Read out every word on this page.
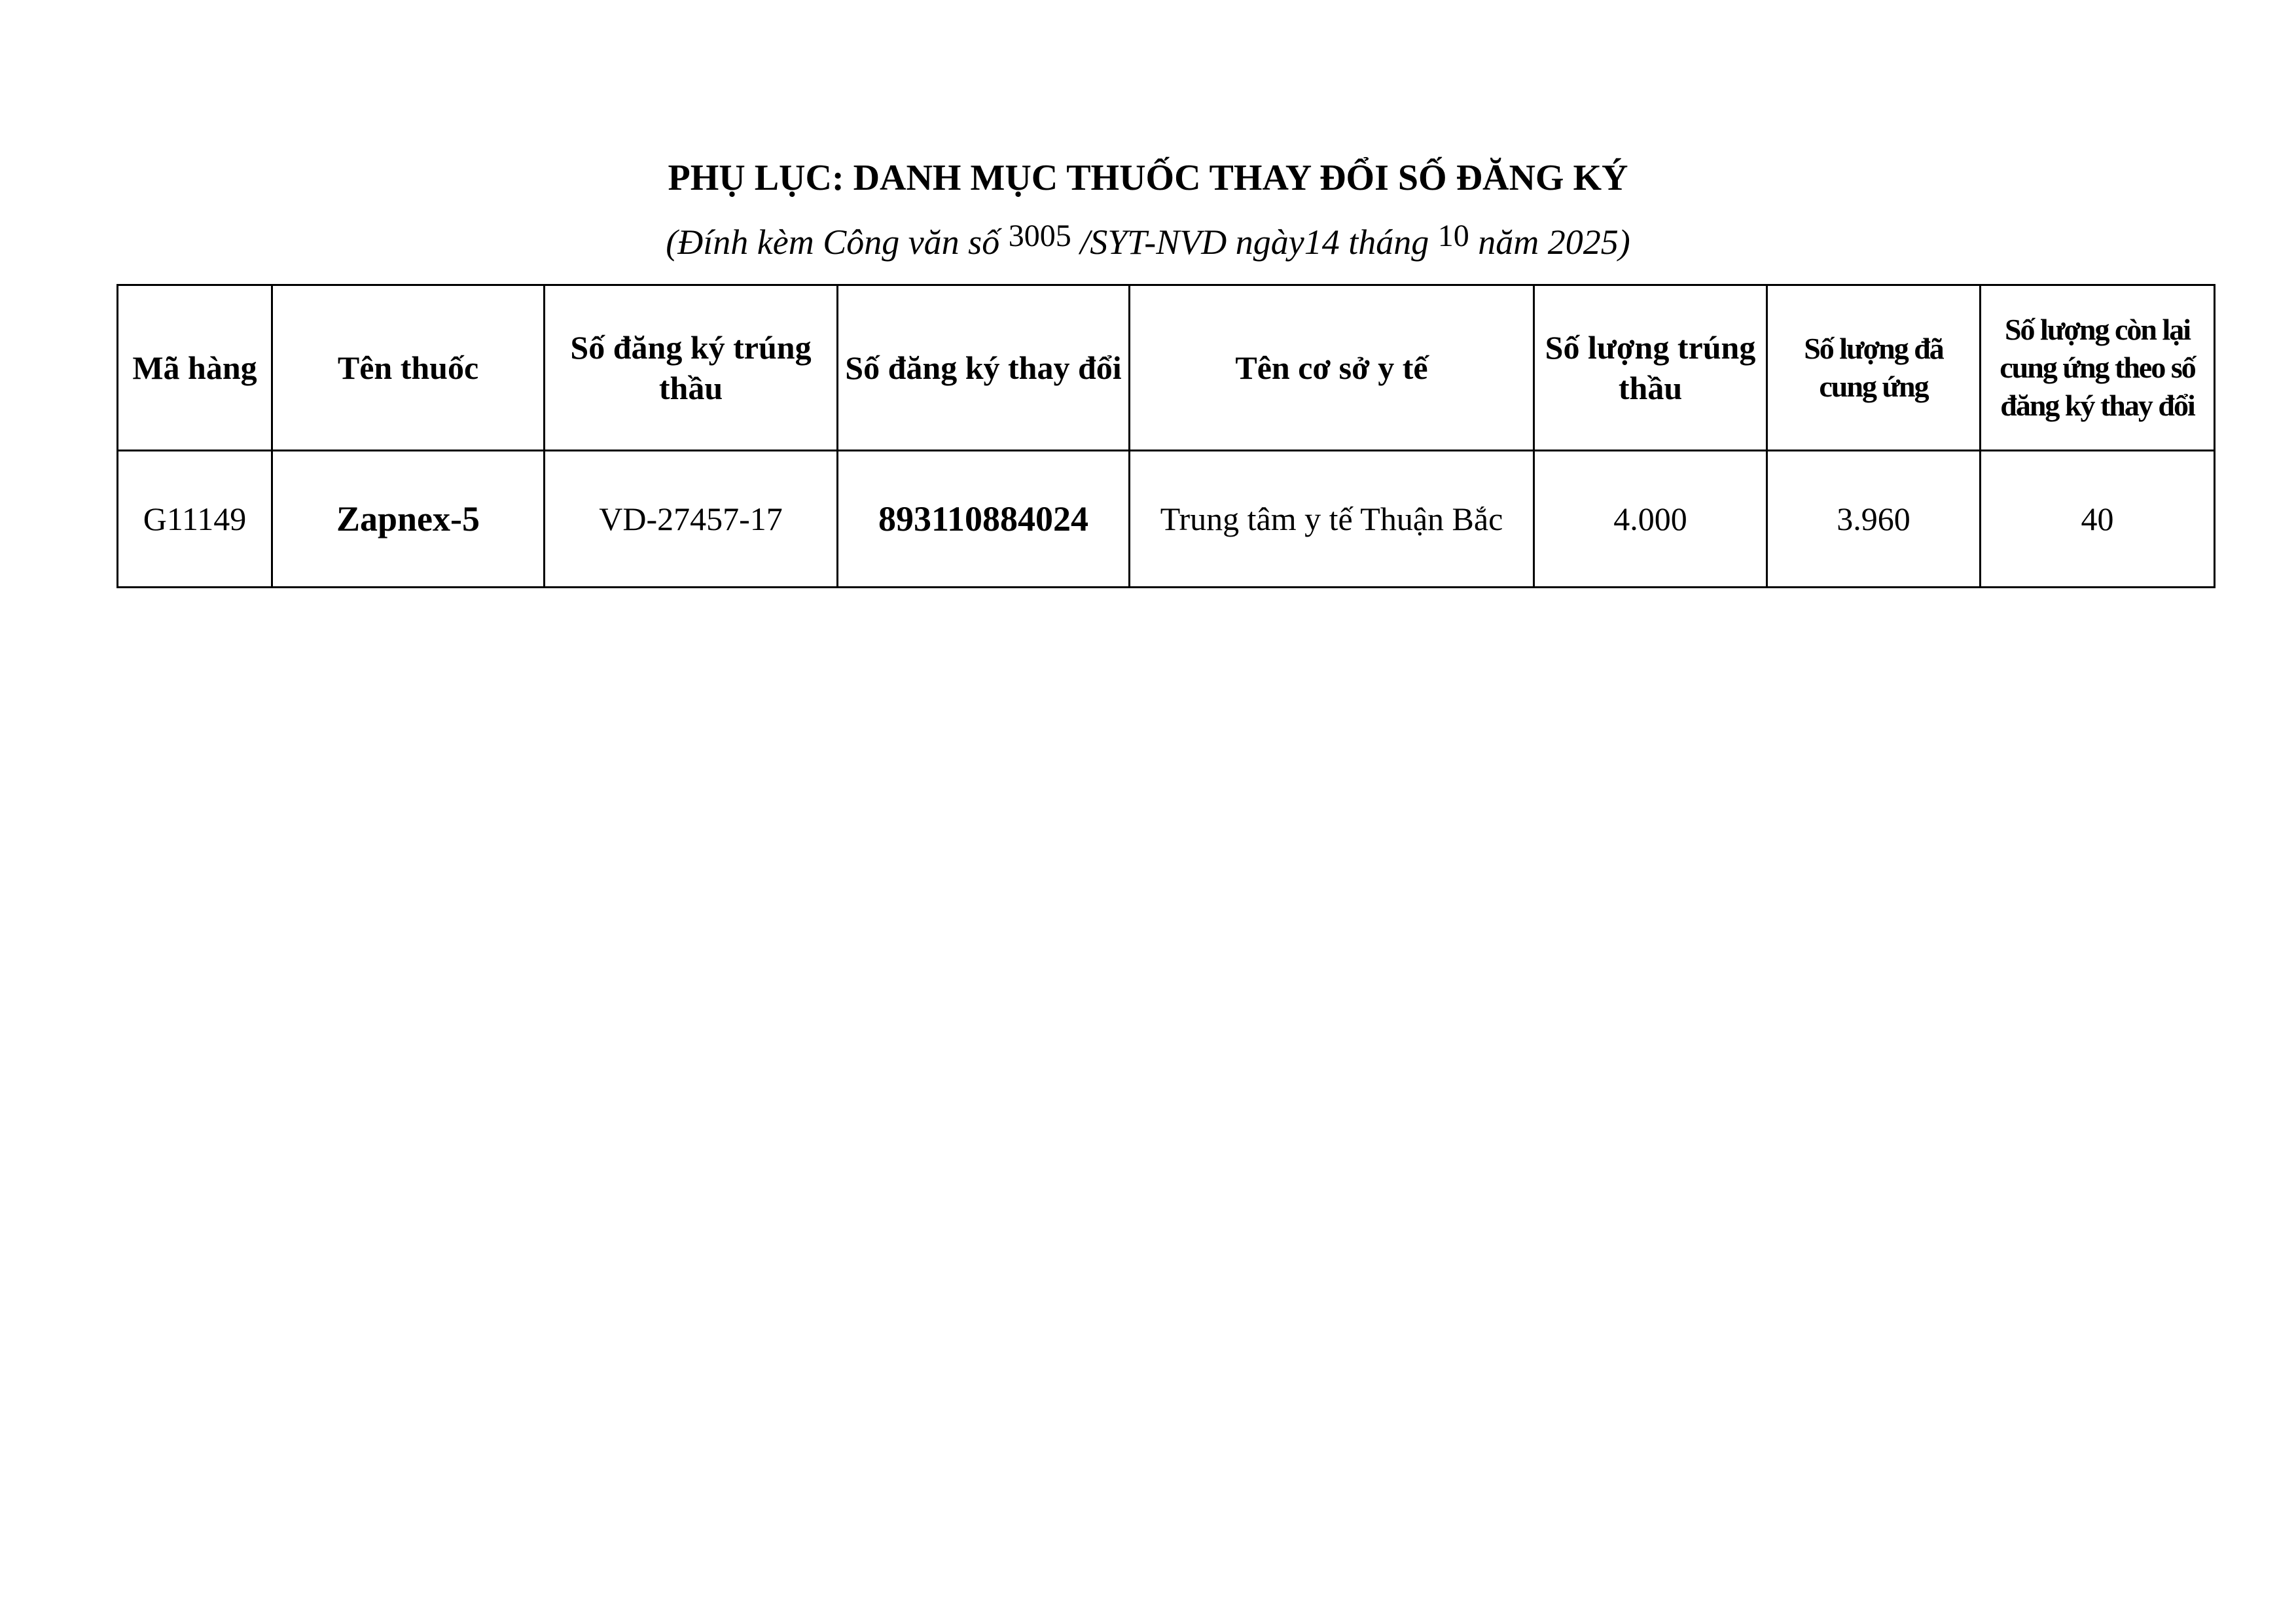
PHỤ LỤC: DANH MỤC THUỐC THAY ĐỔI SỐ ĐĂNG KÝ
(Đính kèm Công văn số 3005 /SYT-NVD ngày14 tháng 10 năm 2025)
Mã hàng	Tên thuốc	Số đăng ký trúng thầu	Số đăng ký thay đổi	Tên cơ sở y tế	Số lượng trúng thầu	Số lượng đã cung ứng	Số lượng còn lại cung ứng theo số đăng ký thay đổi
G11149	Zapnex-5	VD-27457-17	893110884024	Trung tâm y tế Thuận Bắc	4.000	3.960	40
